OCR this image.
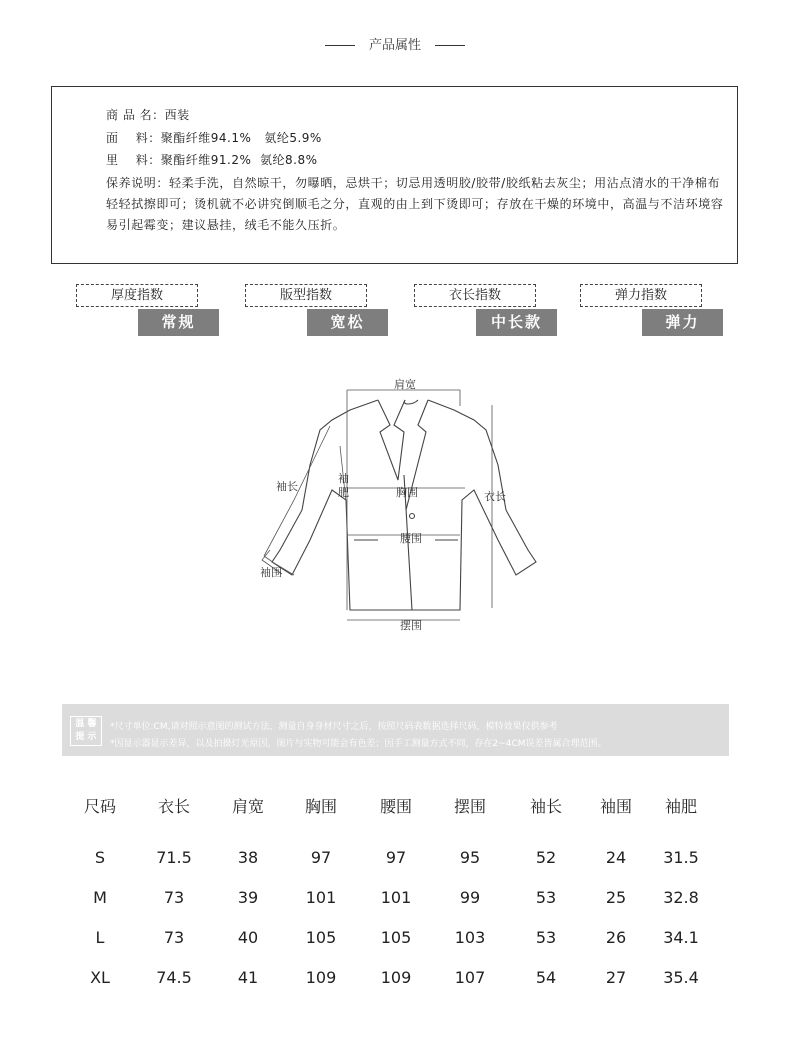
产品属性
商 品 名：西装
面    料：聚酯纤维94.1%   氨纶5.9%
里    料：聚酯纤维91.2%  氨纶8.8%
保养说明：轻柔手洗，自然晾干，勿曝晒，忌烘干；切忌用透明胶/胶带/胶纸粘去灰尘；用沾点清水的干净棉布轻轻拭擦即可；烫机就不必讲究倒顺毛之分，直观的由上到下烫即可；存放在干燥的环境中，高温与不洁环境容易引起霉变；建议悬挂，绒毛不能久压折。
厚度指数
常规
版型指数
宽松
衣长指数
中长款
弹力指数
弹力
肩宽
袖长
袖
肥	胸围	衣长
腰围
袖围
摆围
温 馨
提 示
*尺寸单位:CM,请对照示意图的测试方法，测量自身身材尺寸之后，按照尺码表数据选择尺码，模特效果仅供参考
*因显示器显示差异，以及拍摄灯光原因，图片与实物可能会有色差；因手工测量方式不同，存在2~4CM误差皆属合理范围。
尺码	衣长	肩宽	胸围	腰围	摆围	袖长 袖围 袖肥
S	71.5	38	97	97	95	52	24 31.5
M	73	39	101	101	99	53	25 32.8
L	73	40	105	105	103	53	26 34.1
XL	74.5	41	109	109	107	54	27 35.4
